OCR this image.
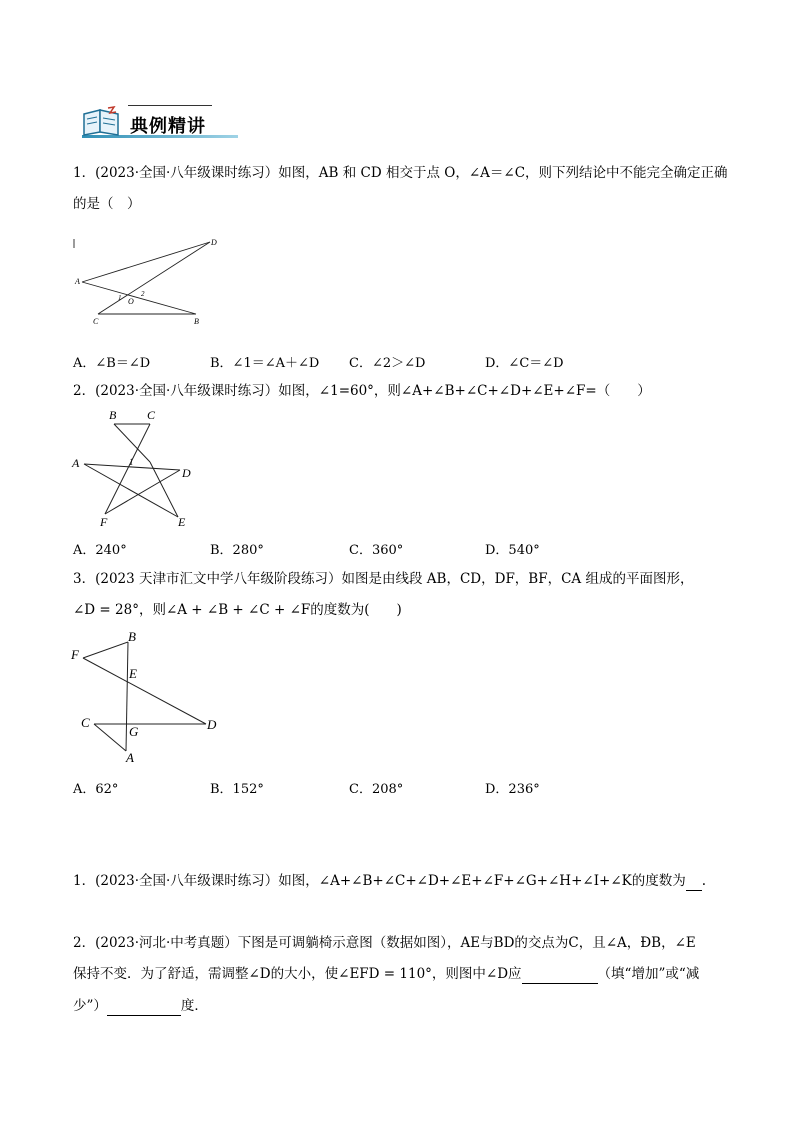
典例精讲
1．(2023·全国·八年级课时练习）如图，AB 和 CD 相交于点 O，∠A＝∠C，则下列结论中不能完全确定正确
的是（　）
D
A
1 O
2
C	B
A．∠B＝∠D	B．∠1＝∠A＋∠D C．∠2＞∠D	D．∠C＝∠D
2．(2023·全国·八年级课时练习）如图，∠1=60°，则∠A+∠B+∠C+∠D+∠E+∠F=（　　）
B	C
A	1
D
F	E
A．240°	B．280°	C．360°	D．540°
3．(2023 天津市汇文中学八年级阶段练习）如图是由线段 AB，CD，DF，BF，CA 组成的平面图形，
∠D = 28°，则∠A + ∠B + ∠C + ∠F的度数为(　　)
B
F
E
C
G	D
A
A．62°	B．152°	C．208°	D．236°
1．(2023·全国·八年级课时练习）如图，∠A+∠B+∠C+∠D+∠E+∠F+∠G+∠H+∠I+∠K的度数为 .
2．(2023·河北·中考真题）下图是可调躺椅示意图（数据如图），AE与BD的交点为C，且∠A，ÐB，∠E
保持不变．为了舒适，需调整∠D的大小，使∠EFD = 110°，则图中∠D应	（填“增加”或“减
少”）	度．
